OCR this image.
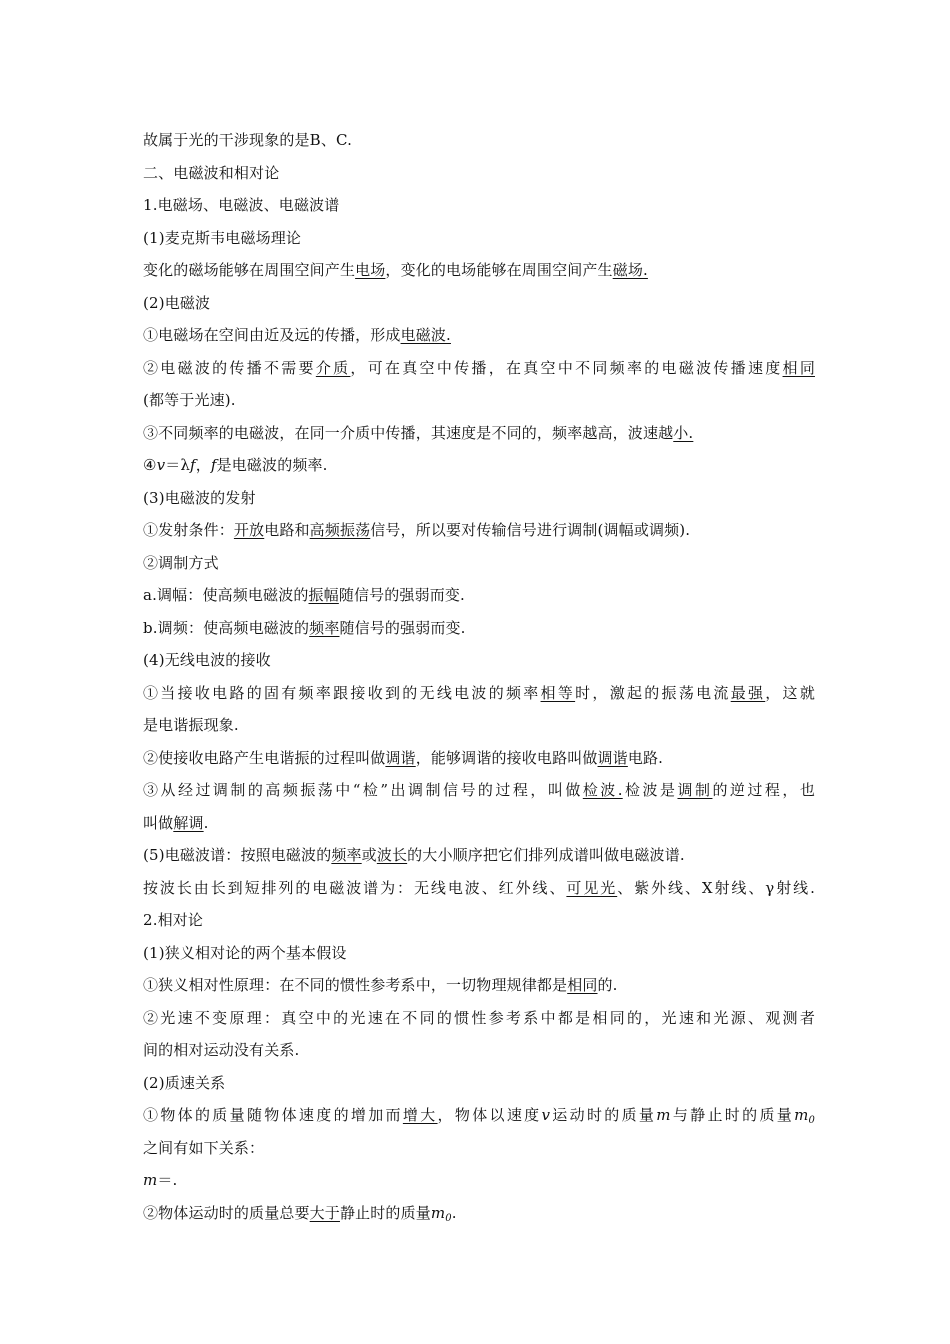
故属于光的干涉现象的是B、C.
二、电磁波和相对论
1.电磁场、电磁波、电磁波谱
(1)麦克斯韦电磁场理论
变化的磁场能够在周围空间产生电场，变化的电场能够在周围空间产生磁场.
(2)电磁波
①电磁场在空间由近及远的传播，形成电磁波.
②电磁波的传播不需要介质，可在真空中传播，在真空中不同频率的电磁波传播速度相同
(都等于光速).
③不同频率的电磁波，在同一介质中传播，其速度是不同的，频率越高，波速越小.
④v＝λf，f是电磁波的频率.
(3)电磁波的发射
①发射条件：开放电路和高频振荡信号，所以要对传输信号进行调制(调幅或调频).
②调制方式
a.调幅：使高频电磁波的振幅随信号的强弱而变.
b.调频：使高频电磁波的频率随信号的强弱而变.
(4)无线电波的接收
①当接收电路的固有频率跟接收到的无线电波的频率相等时，激起的振荡电流最强，这就
是电谐振现象.
②使接收电路产生电谐振的过程叫做调谐，能够调谐的接收电路叫做调谐电路.
③从经过调制的高频振荡中“检”出调制信号的过程，叫做检波.检波是调制的逆过程，也
叫做解调.
(5)电磁波谱：按照电磁波的频率或波长的大小顺序把它们排列成谱叫做电磁波谱.
按波长由长到短排列的电磁波谱为：无线电波、红外线、可见光、紫外线、X射线、γ射线.
2.相对论
(1)狭义相对论的两个基本假设
①狭义相对性原理：在不同的惯性参考系中，一切物理规律都是相同的.
②光速不变原理：真空中的光速在不同的惯性参考系中都是相同的，光速和光源、观测者
间的相对运动没有关系.
(2)质速关系
①物体的质量随物体速度的增加而增大，物体以速度v运动时的质量m与静止时的质量$m_0$
之间有如下关系：
m＝.
②物体运动时的质量总要大于静止时的质量$m_0$.
